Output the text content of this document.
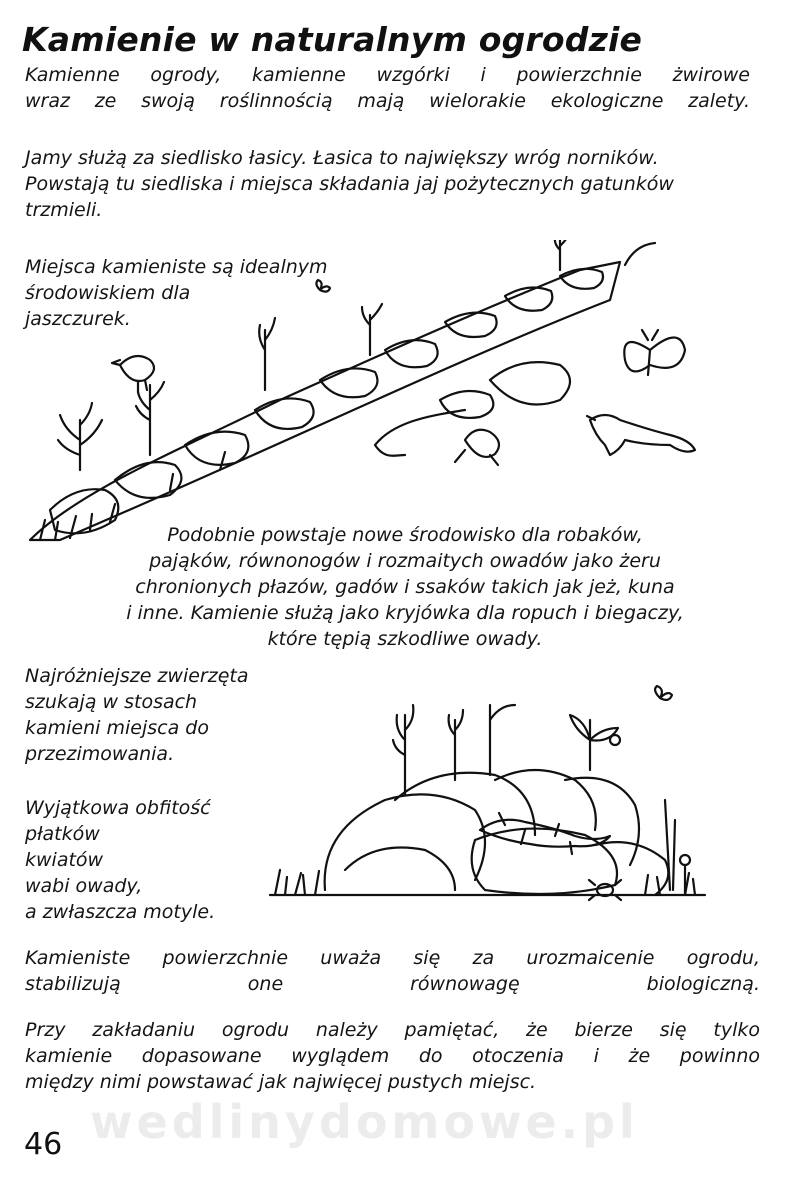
Kamienie w naturalnym ogrodzie

Kamienne ogrody, kamienne wzgórki i powierzchnie żwirowe
wraz ze swoją roślinnością mają wielorakie ekologiczne zalety.

Jamy służą za siedlisko łasicy. Łasica to największy wróg norników.
Powstają tu siedliska i miejsca składania jaj pożytecznych gatunków
trzmieli.

Miejsca kamieniste są idealnym
środowiskiem dla
jaszczurek.

Podobnie powstaje nowe środowisko dla robaków,
pająków, równonogów i rozmaitych owadów jako żeru
chronionych płazów, gadów i ssaków takich jak jeż, kuna
i inne. Kamienie służą jako kryjówka dla ropuch i biegaczy,
które tępią szkodliwe owady.

Najróżniejsze zwierzęta
szukają w stosach
kamieni miejsca do
przezimowania.

Wyjątkowa obfitość
płatków
kwiatów
wabi owady,
a zwłaszcza motyle.

Kamieniste powierzchnie uważa się za urozmaicenie ogrodu,
stabilizują one równowagę biologiczną.

Przy zakładaniu ogrodu należy pamiętać, że bierze się tylko
kamienie dopasowane wyglądem do otoczenia i że powinno
między nimi powstawać jak najwięcej pustych miejsc.

wedlinydomowe.pl
46
